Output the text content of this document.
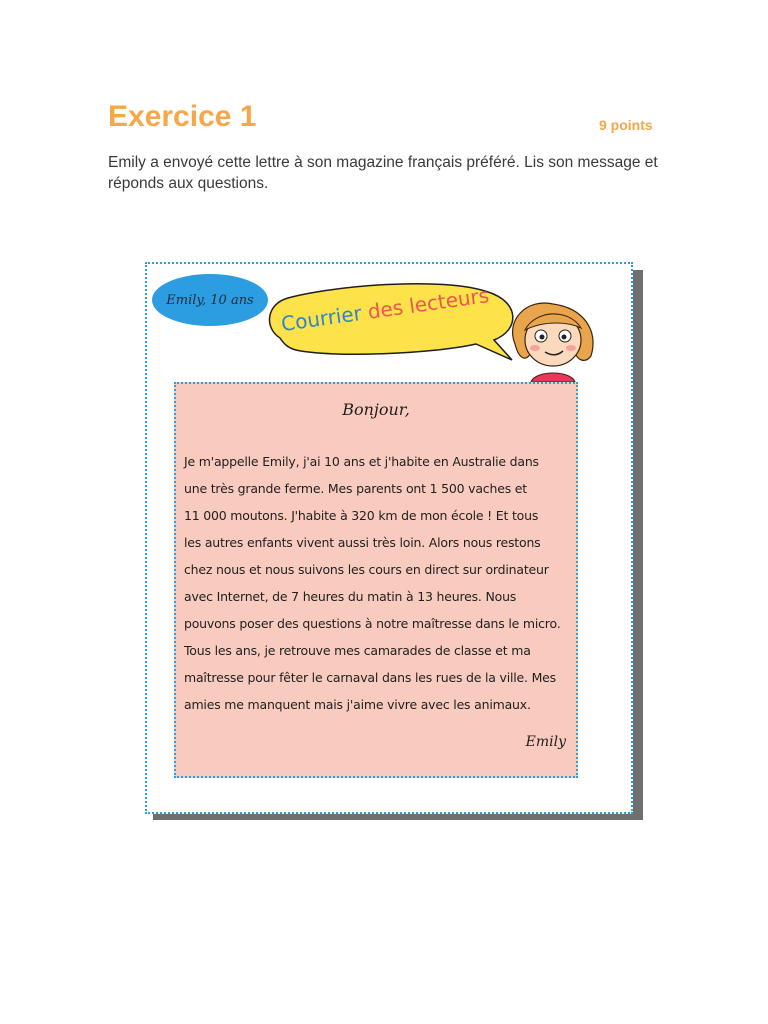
Exercice 1	9 points
Emily a envoyé cette lettre à son magazine français préféré. Lis son message et réponds aux questions.
Emily, 10 ans
Courrier des lecteurs
Bonjour,
Je m'appelle Emily, j'ai 10 ans et j'habite en Australie dans
une très grande ferme. Mes parents ont 1 500 vaches et
11 000 moutons. J'habite à 320 km de mon école ! Et tous
les autres enfants vivent aussi très loin. Alors nous restons
chez nous et nous suivons les cours en direct sur ordinateur
avec Internet, de 7 heures du matin à 13 heures. Nous
pouvons poser des questions à notre maîtresse dans le micro.
Tous les ans, je retrouve mes camarades de classe et ma
maîtresse pour fêter le carnaval dans les rues de la ville. Mes
amies me manquent mais j'aime vivre avec les animaux.
Emily
